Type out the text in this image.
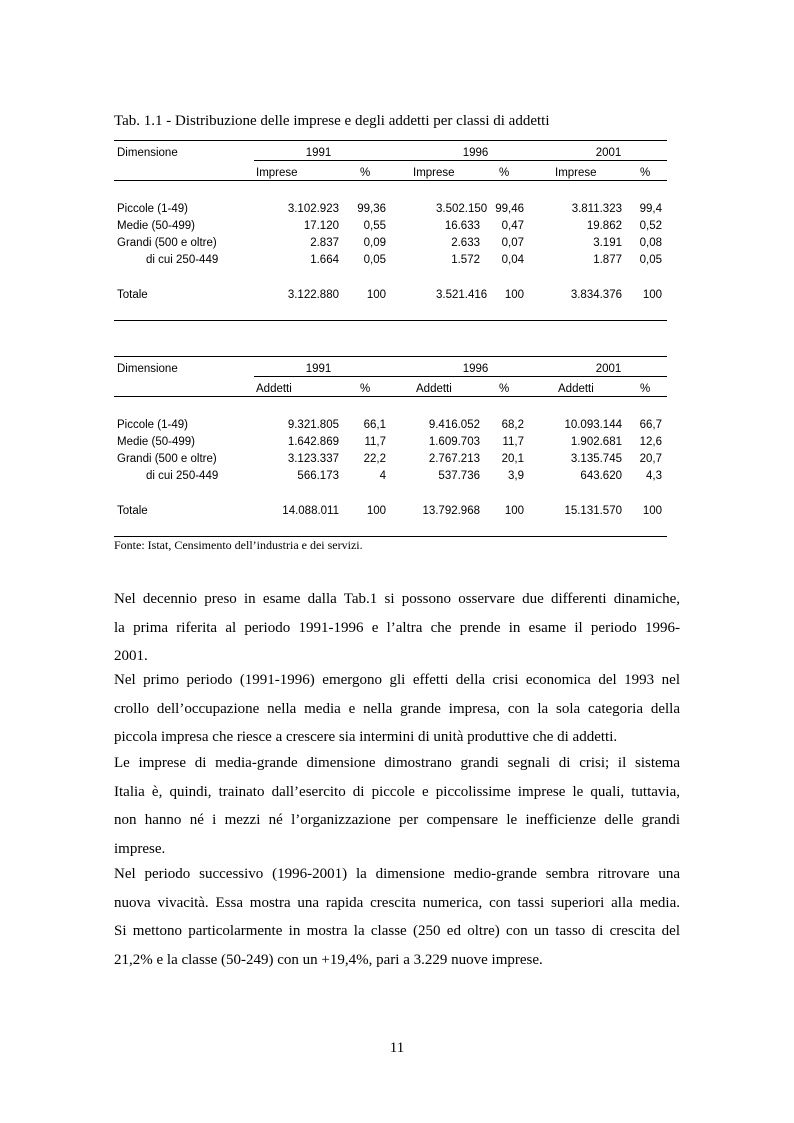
Tab. 1.1 - Distribuzione delle imprese e degli addetti per classi di addetti
Dimensione	1991	1996	2001
Imprese	%	Imprese	%	Imprese	%
Piccole (1-49)	3.102.923	99,36	3.502.150 99,46	3.811.323	99,4
Medie (50-499)	17.120	0,55	16.633	0,47	19.862	0,52
Grandi (500 e oltre)	2.837	0,09	2.633	0,07	3.191	0,08
di cui 250-449	1.664	0,05	1.572	0,04	1.877	0,05
Totale	3.122.880	100	3.521.416	100	3.834.376	100
Dimensione	1991	1996	2001
Addetti	%	Addetti	%	Addetti	%
Piccole (1-49)	9.321.805	66,1	9.416.052	68,2	10.093.144	66,7
Medie (50-499)	1.642.869	11,7	1.609.703	11,7	1.902.681	12,6
Grandi (500 e oltre)	3.123.337	22,2	2.767.213	20,1	3.135.745	20,7
di cui 250-449	566.173	4	537.736	3,9	643.620	4,3
Totale	14.088.011	100	13.792.968	100	15.131.570	100
Fonte: Istat, Censimento dell’industria e dei servizi.
Nel decennio preso in esame dalla Tab.1 si possono osservare due differenti dinamiche,
la prima riferita al periodo 1991-1996 e l’altra che prende in esame il periodo 1996-
2001.
Nel primo periodo (1991-1996) emergono gli effetti della crisi economica del 1993 nel
crollo dell’occupazione nella media e nella grande impresa, con la sola categoria della
piccola impresa che riesce a crescere sia intermini di unità produttive che di addetti.
Le imprese di media-grande dimensione dimostrano grandi segnali di crisi; il sistema
Italia è, quindi, trainato dall’esercito di piccole e piccolissime imprese le quali, tuttavia,
non hanno né i mezzi né l’organizzazione per compensare le inefficienze delle grandi
imprese.
Nel periodo successivo (1996-2001) la dimensione medio-grande sembra ritrovare una
nuova vivacità. Essa mostra una rapida crescita numerica, con tassi superiori alla media.
Si mettono particolarmente in mostra la classe (250 ed oltre) con un tasso di crescita del
21,2% e la classe (50-249) con un +19,4%, pari a 3.229 nuove imprese.
11
